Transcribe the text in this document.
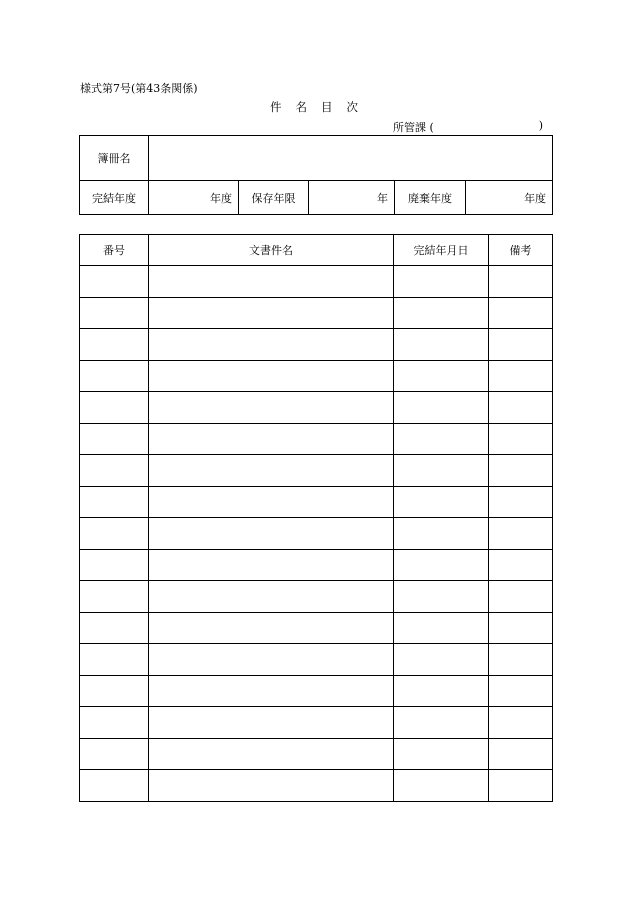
様式第7号(第43条関係)
件名目次
所管課 (	)
簿冊名					
完結年度	年度	保存年限	年	廃棄年度	年度
番号	文書件名	完結年月日	備考
